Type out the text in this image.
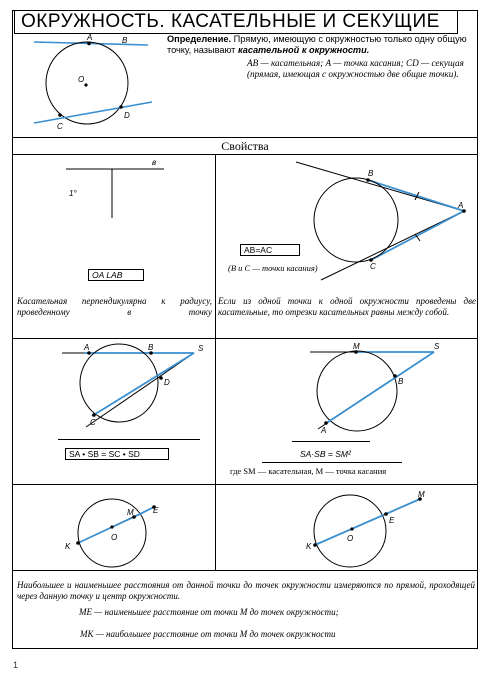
ОКРУЖНОСТЬ. КАСАТЕЛЬНЫЕ И СЕКУЩИЕ
A	B
O
C
D
Определение. Прямую, имеющую с окружностью только одну общую точку, называют касательной к окружности.
AB — касательная; A — точка касания; CD — секущая (прямая, имеющая с окружностью две общие точки).
Свойства
в
1°
OA LAB
Касательная перпендикулярна к радиусу, проведенному в точку
B
A
C
AB=AC
(B и C — точки касания)
Если из одной точки к одной окружности проведены две касательные, то отрезки касательных равны между собой.
A	B	S
D
C
SA • SB = SC • SD
M	S
B
A
SA·SB = SM²
где SM — касательная, M — точка касания
M E
O
K
M
E
O
K
Наибольшее и наименьшее расстояния от данной точки до точек окружности измеряются по прямой, проходящей через данную точку и центр окружности.
ME — наименьшее расстояние от точки M до точек окружности;
MK — наибольшее расстояние от точки M до точек окружности
1
